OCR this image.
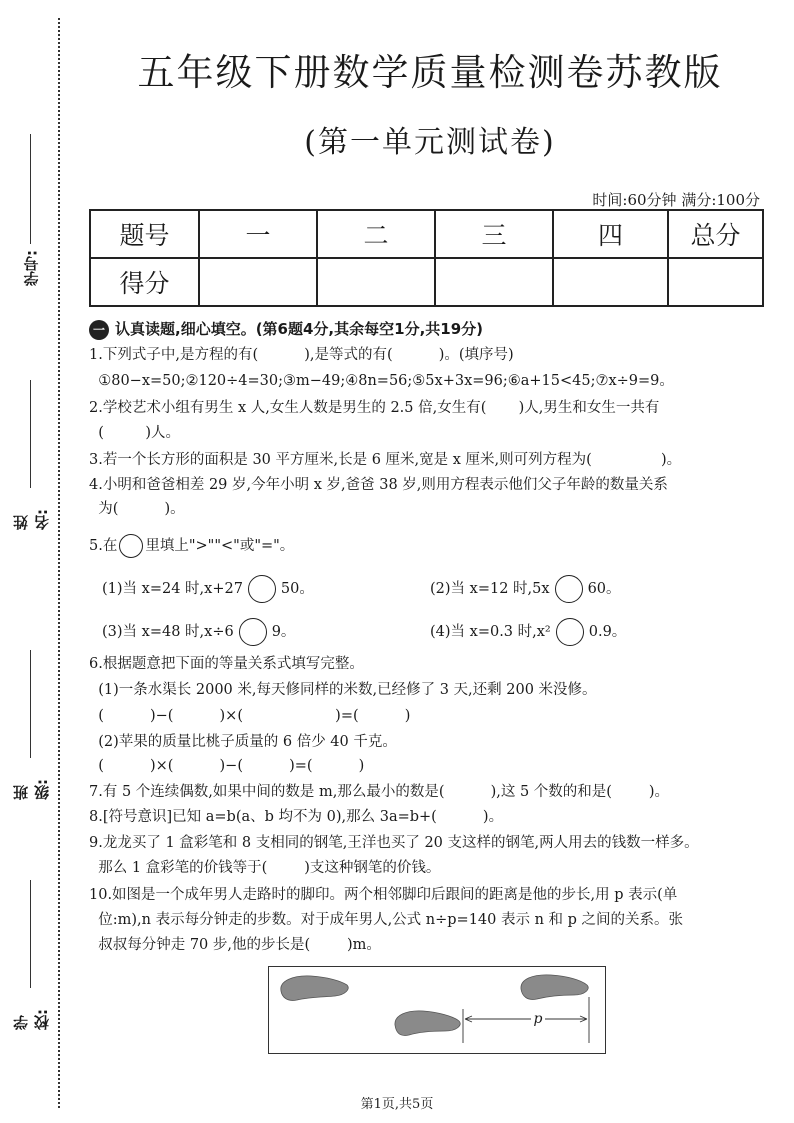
学号:
姓名:
班级:
学校:
五年级下册数学质量检测卷苏教版
(第一单元测试卷)
时间:60分钟 满分:100分
题号	一	二	三	四	总分
得分					
一 认真读题,细心填空。(第6题4分,其余每空1分,共19分)
1.下列式子中,是方程的有(          ),是等式的有(          )。(填序号)
①80−x=50;②120÷4=30;③m−49;④8n=56;⑤5x+3x=96;⑥a+15<45;⑦x÷9=9。
2.学校艺术小组有男生 x 人,女生人数是男生的 2.5 倍,女生有(       )人,男生和女生一共有
(         )人。
3.若一个长方形的面积是 30 平方厘米,长是 6 厘米,宽是 x 厘米,则可列方程为(               )。
4.小明和爸爸相差 29 岁,今年小明 x 岁,爸爸 38 岁,则用方程表示他们父子年龄的数量关系
为(          )。
5.在 里填上">""<"或"="。
(1)当 x=24 时,x+27	50。	(2)当 x=12 时,5x	60。
(3)当 x=48 时,x÷6	9。	(4)当 x=0.3 时,x²	0.9。
6.根据题意把下面的等量关系式填写完整。
(1)一条水渠长 2000 米,每天修同样的米数,已经修了 3 天,还剩 200 米没修。
(          )−(          )×(                    )=(          )
(2)苹果的质量比桃子质量的 6 倍少 40 千克。
(          )×(          )−(          )=(          )
7.有 5 个连续偶数,如果中间的数是 m,那么最小的数是(          ),这 5 个数的和是(        )。
8.[符号意识]已知 a=b(a、b 均不为 0),那么 3a=b+(          )。
9.龙龙买了 1 盒彩笔和 8 支相同的钢笔,王洋也买了 20 支这样的钢笔,两人用去的钱数一样多。
那么 1 盒彩笔的价钱等于(        )支这种钢笔的价钱。
10.如图是一个成年男人走路时的脚印。两个相邻脚印后跟间的距离是他的步长,用 p 表示(单
位:m),n 表示每分钟走的步数。对于成年男人,公式 n÷p=140 表示 n 和 p 之间的关系。张
叔叔每分钟走 70 步,他的步长是(        )m。
p
第1页,共5页
